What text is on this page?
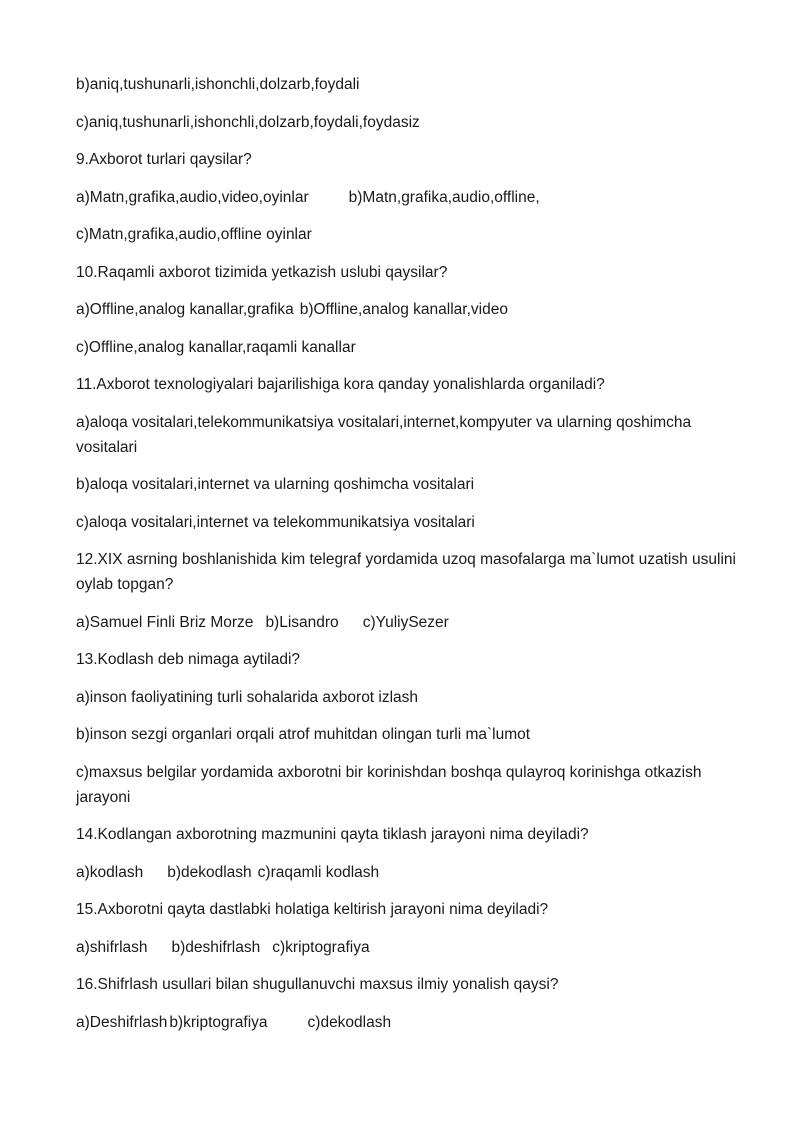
b)aniq,tushunarli,ishonchli,dolzarb,foydali

c)aniq,tushunarli,ishonchli,dolzarb,foydali,foydasiz

9.Axborot turlari qaysilar?

a)Matn,grafika,audio,video,oyinlar	b)Matn,grafika,audio,offline,

c)Matn,grafika,audio,offline oyinlar

10.Raqamli axborot tizimida yetkazish uslubi qaysilar?

a)Offline,analog kanallar,grafika b)Offline,analog kanallar,video

c)Offline,analog kanallar,raqamli kanallar

11.Axborot texnologiyalari bajarilishiga kora qanday yonalishlarda organiladi?

a)aloqa vositalari,telekommunikatsiya vositalari,internet,kompyuter va ularning qoshimcha vositalari

b)aloqa vositalari,internet va ularning qoshimcha vositalari

c)aloqa vositalari,internet va telekommunikatsiya vositalari

12.XIX asrning boshlanishida kim telegraf yordamida uzoq masofalarga ma`lumot uzatish usulini oylab topgan?

a)Samuel Finli Briz Morze b)Lisandro c)YuliySezer

13.Kodlash deb nimaga aytiladi?

a)inson faoliyatining turli sohalarida axborot izlash

b)inson sezgi organlari orqali atrof muhitdan olingan turli ma`lumot

c)maxsus belgilar yordamida axborotni bir korinishdan boshqa qulayroq korinishga otkazish jarayoni

14.Kodlangan axborotning mazmunini qayta tiklash jarayoni nima deyiladi?

a)kodlash b)dekodlash c)raqamli kodlash

15.Axborotni qayta dastlabki holatiga keltirish jarayoni nima deyiladi?

a)shifrlash b)deshifrlash c)kriptografiya

16.Shifrlash usullari bilan shugullanuvchi maxsus ilmiy yonalish qaysi?

a)Deshifrlash b)kriptografiya	c)dekodlash
